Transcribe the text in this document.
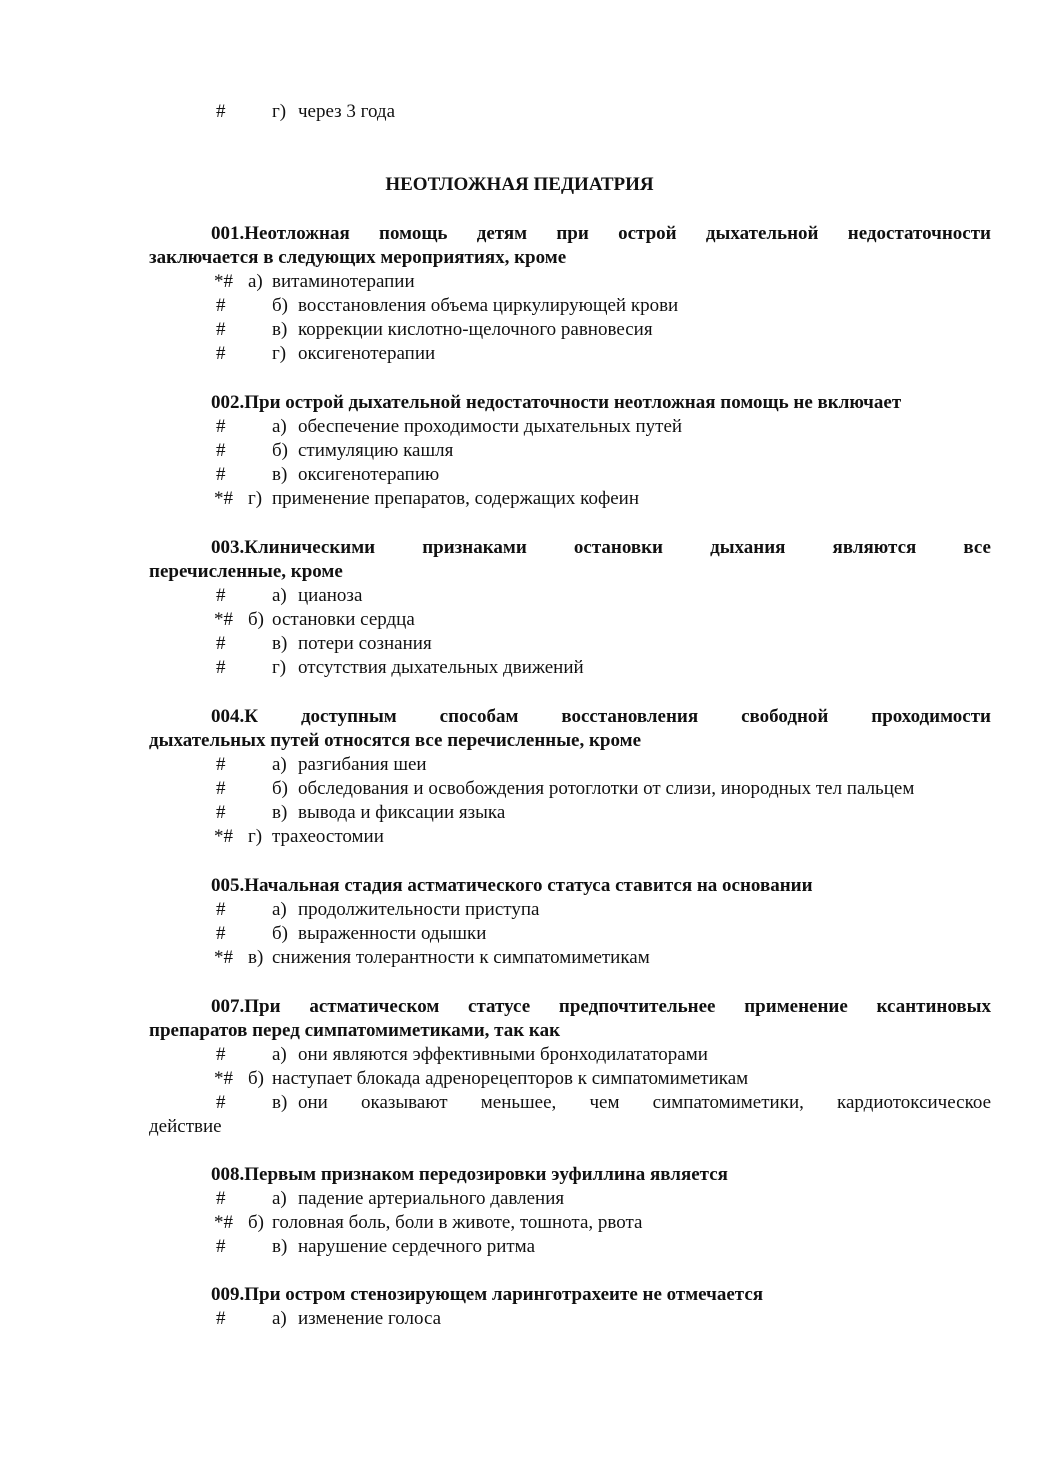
#	г) через 3 года
НЕОТЛОЖНАЯ ПЕДИАТРИЯ
001.Неотложная помощь детям при острой дыхательной недостаточности
заключается в следующих мероприятиях, кроме
*# а) витаминотерапии
#	б) восстановления объема циркулирующей крови
#	в) коррекции кислотно-щелочного равновесия
#	г) оксигенотерапии
002.При острой дыхательной недостаточности неотложная помощь не включает
#	а) обеспечение проходимости дыхательных путей
#	б) стимуляцию кашля
#	в) оксигенотерапию
*# г) применение препаратов, содержащих кофеин
003.Клиническими признаками остановки дыхания являются все
перечисленные, кроме
#	а) цианоза
*# б) остановки сердца
#	в) потери сознания
#	г) отсутствия дыхательных движений
004.К доступным способам восстановления свободной проходимости
дыхательных путей относятся все перечисленные, кроме
#	а) разгибания шеи
#	б) обследования и освобождения ротоглотки от слизи, инородных тел пальцем
#	в) вывода и фиксации языка
*# г) трахеостомии
005.Начальная стадия астматического статуса ставится на основании
#	а) продолжительности приступа
#	б) выраженности одышки
*# в) снижения толерантности к симпатомиметикам
007.При астматическом статусе предпочтительнее применение ксантиновых
препаратов перед симпатомиметиками, так как
#	а) они являются эффективными бронходилататорами
*# б) наступает блокада адренорецепторов к симпатомиметикам
#	в) они оказывают меньшее, чем симпатомиметики, кардиотоксическое
действие
008.Первым признаком передозировки эуфиллина является
#	а) падение артериального давления
*# б) головная боль, боли в животе, тошнота, рвота
#	в) нарушение сердечного ритма
009.При остром стенозирующем ларинготрахеите не отмечается
#	а) изменение голоса
